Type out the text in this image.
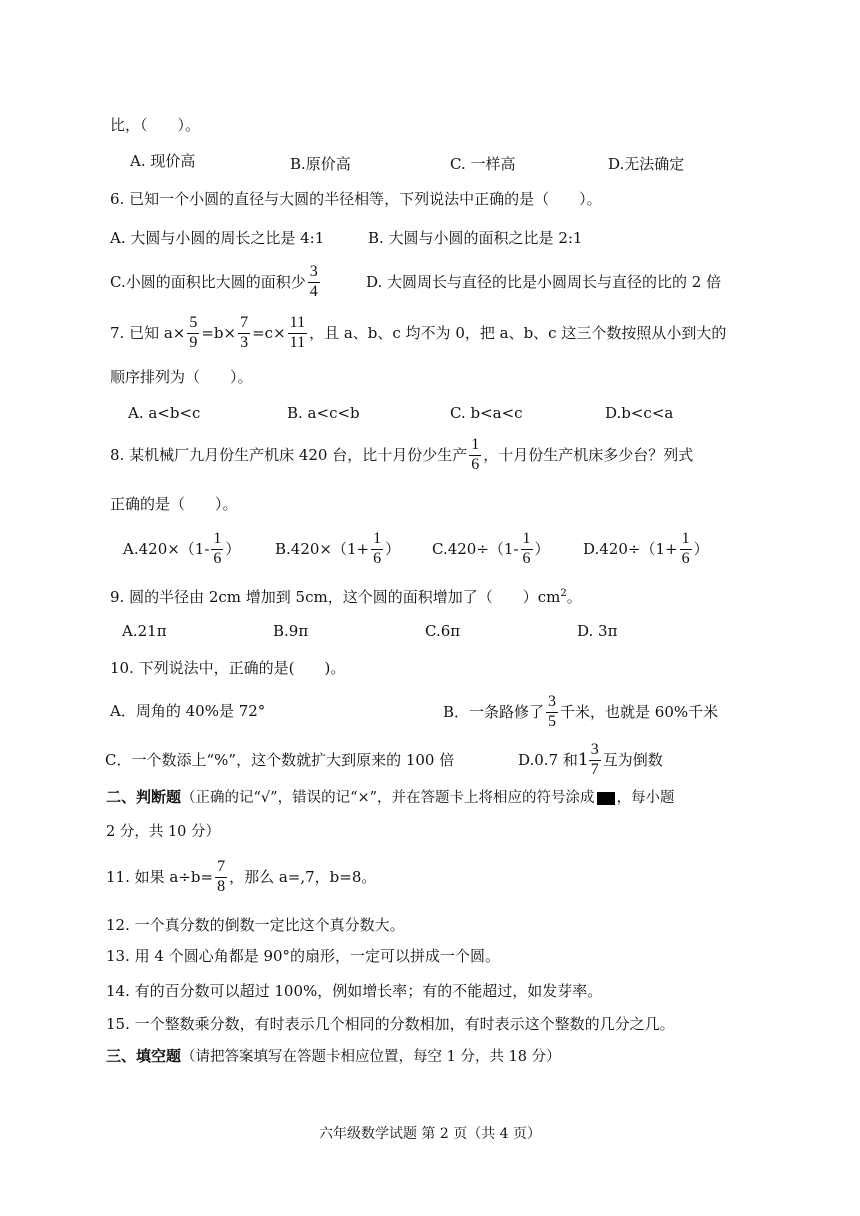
比，（　　）。
A. 现价高	B.原价高	C. 一样高	D.无法确定
6. 已知一个小圆的直径与大圆的半径相等，下列说法中正确的是（　　）。
A. 大圆与小圆的周长之比是 4:1	B. 大圆与小圆的面积之比是 2:1
C.小圆的面积比大圆的面积少 $\frac{3}{4}$	D. 大圆周长与直径的比是小圆周长与直径的比的 2 倍
7. 已知 $a\times \frac{5}{9} =b\times \frac{7}{3} =c\times \frac{11}{11}$ ，且 a、b、c 均不为 0，把 a、b、c 这三个数按照从小到大的
顺序排列为（　　）。
A. a<b<c	B. a<c<b	C. b<a<c	D.b<c<a
8. 某机械厂九月份生产机床 420 台，比十月份少生产 $\frac{1}{6}$ ，十月份生产机床多少台？列式
正确的是（　　）。
$A.420\times(1- \frac{1}{6}$ ） $B.420\times(1+ \frac{1}{6}$ ） $C.420\div(1- \frac{1}{6}$ ） $D.420\div(1+ \frac{1}{6}$ ）
9. 圆的半径由 2cm 增加到 5cm，这个圆的面积增加了（　　）$cm^2$。
A.21π	B.9π	C.6π	D. 3π
10. 下列说法中，正确的是(　　)。
A．周角的 40%是 72°	B．一条路修了 $\frac{3}{5}$ 千米，也就是 60%千米
C．一个数添上“%”，这个数就扩大到原来的 100 倍	D.0.7 和 $1 \frac{3}{7}$ 互为倒数
二、判断题（正确的记“√”，错误的记“×”，并在答题卡上将相应的符号涂成 ，每小题
2 分，共 10 分）
11. 如果 $a\div b= \frac{7}{8}$ ，那么 a=,7，b=8。
12. 一个真分数的倒数一定比这个真分数大。
13. 用 4 个圆心角都是 90°的扇形，一定可以拼成一个圆。
14. 有的百分数可以超过 100%，例如增长率；有的不能超过，如发芽率。
15. 一个整数乘分数，有时表示几个相同的分数相加，有时表示这个整数的几分之几。
三、填空题（请把答案填写在答题卡相应位置，每空 1 分，共 18 分）
六年级数学试题 第 2 页（共 4 页）
